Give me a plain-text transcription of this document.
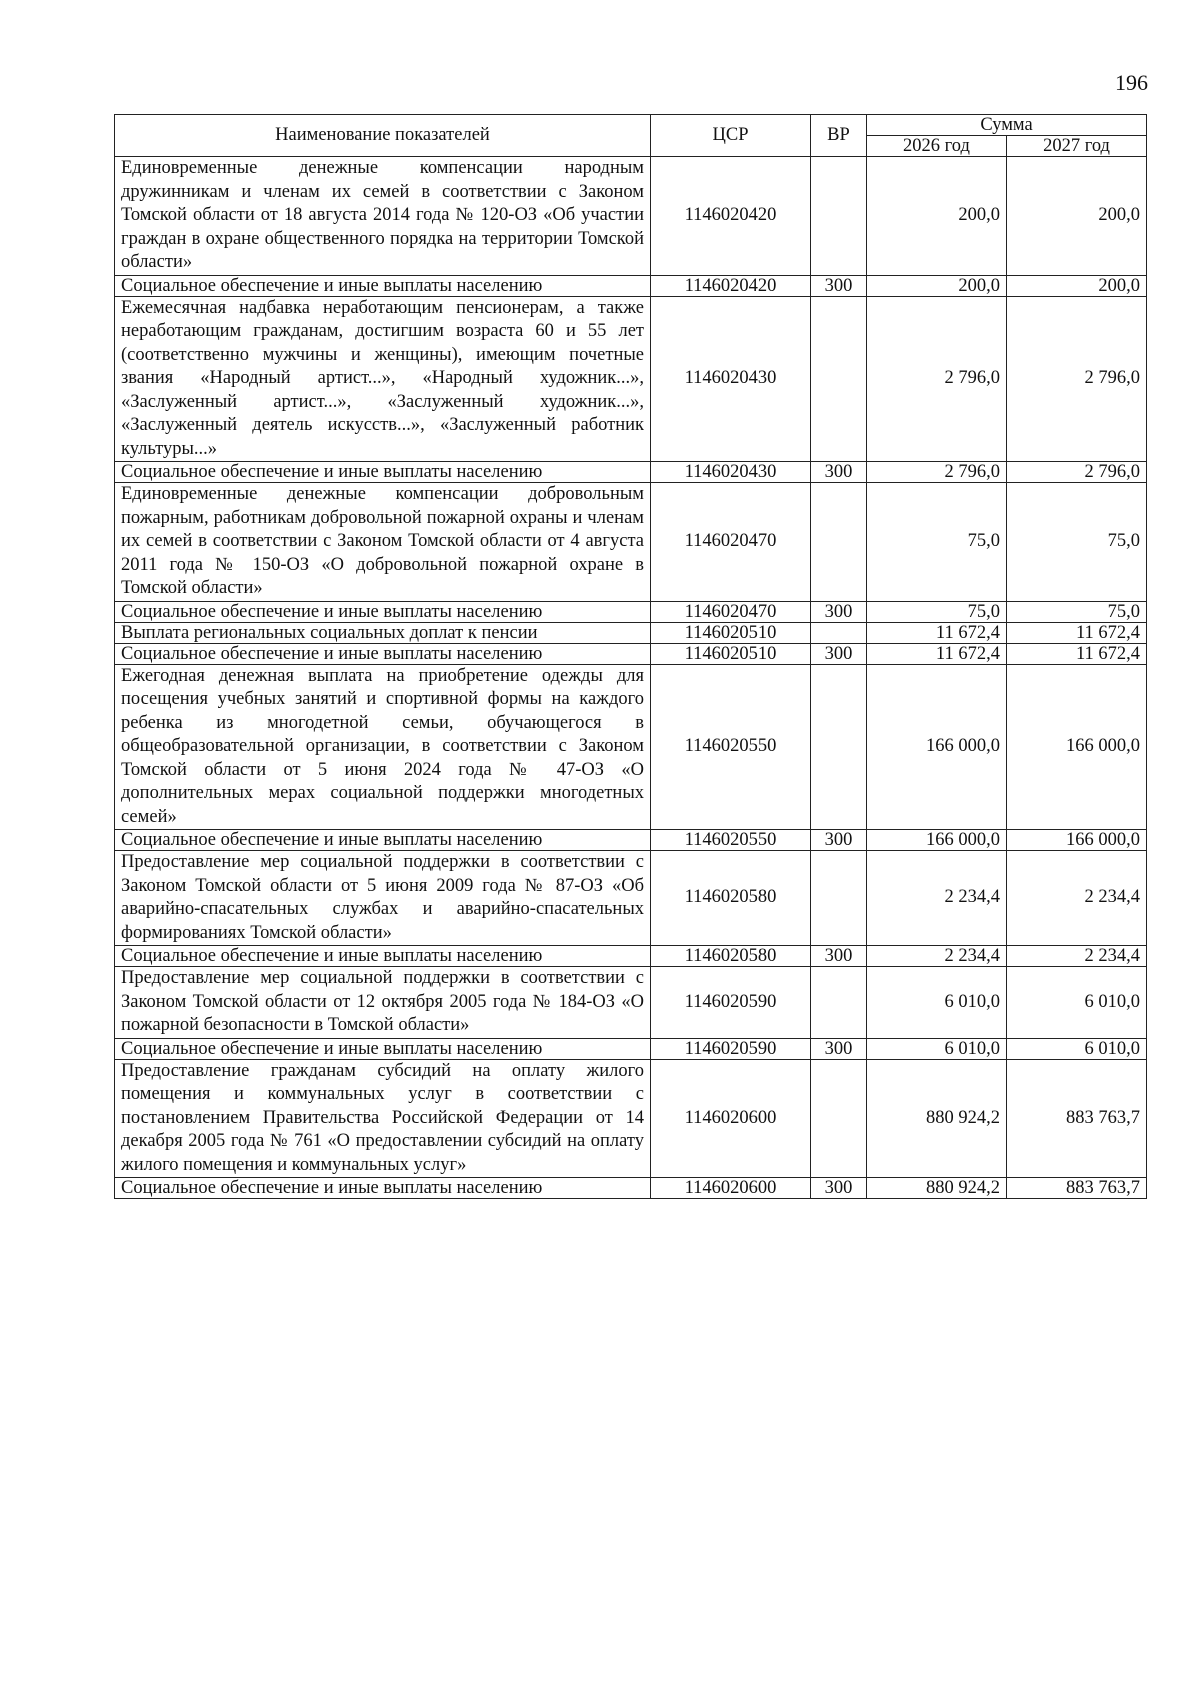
196
Наименование показателей	ЦСР	ВР	Сумма	
			2026 год	2027 год
Единовременные денежные компенсации народным дружинникам и членам их семей в соответствии с Законом Томской области от 18 августа 2014 года № 120-ОЗ «Об участии граждан в охране общественного порядка на территории Томской области»	1146020420		200,0	200,0
Социальное обеспечение и иные выплаты населению	1146020420	300	200,0	200,0
Ежемесячная надбавка неработающим пенсионерам, а также неработающим гражданам, достигшим возраста 60 и 55 лет (соответственно мужчины и женщины), имеющим почетные звания «Народный артист...», «Народный художник...», «Заслуженный артист...», «Заслуженный художник...», «Заслуженный деятель искусств...», «Заслуженный работник культуры...»	1146020430		2 796,0	2 796,0
Социальное обеспечение и иные выплаты населению	1146020430	300	2 796,0	2 796,0
Единовременные денежные компенсации добровольным пожарным, работникам добровольной пожарной охраны и членам их семей в соответствии с Законом Томской области от 4 августа 2011 года № 150-ОЗ «О добровольной пожарной охране в Томской области»	1146020470		75,0	75,0
Социальное обеспечение и иные выплаты населению	1146020470	300	75,0	75,0
Выплата региональных социальных доплат к пенсии	1146020510		11 672,4	11 672,4
Социальное обеспечение и иные выплаты населению	1146020510	300	11 672,4	11 672,4
Ежегодная денежная выплата на приобретение одежды для посещения учебных занятий и спортивной формы на каждого ребенка из многодетной семьи, обучающегося в общеобразовательной организации, в соответствии с Законом Томской области от 5 июня 2024 года № 47-ОЗ «О дополнительных мерах социальной поддержки многодетных семей»	1146020550		166 000,0	166 000,0
Социальное обеспечение и иные выплаты населению	1146020550	300	166 000,0	166 000,0
Предоставление мер социальной поддержки в соответствии с Законом Томской области от 5 июня 2009 года № 87-ОЗ «Об аварийно-спасательных службах и аварийно-спасательных формированиях Томской области»	1146020580		2 234,4	2 234,4
Социальное обеспечение и иные выплаты населению	1146020580	300	2 234,4	2 234,4
Предоставление мер социальной поддержки в соответствии с Законом Томской области от 12 октября 2005 года № 184-ОЗ «О пожарной безопасности в Томской области»	1146020590		6 010,0	6 010,0
Социальное обеспечение и иные выплаты населению	1146020590	300	6 010,0	6 010,0
Предоставление гражданам субсидий на оплату жилого помещения и коммунальных услуг в соответствии с постановлением Правительства Российской Федерации от 14 декабря 2005 года № 761 «О предоставлении субсидий на оплату жилого помещения и коммунальных услуг»	1146020600		880 924,2	883 763,7
Социальное обеспечение и иные выплаты населению	1146020600	300	880 924,2	883 763,7
